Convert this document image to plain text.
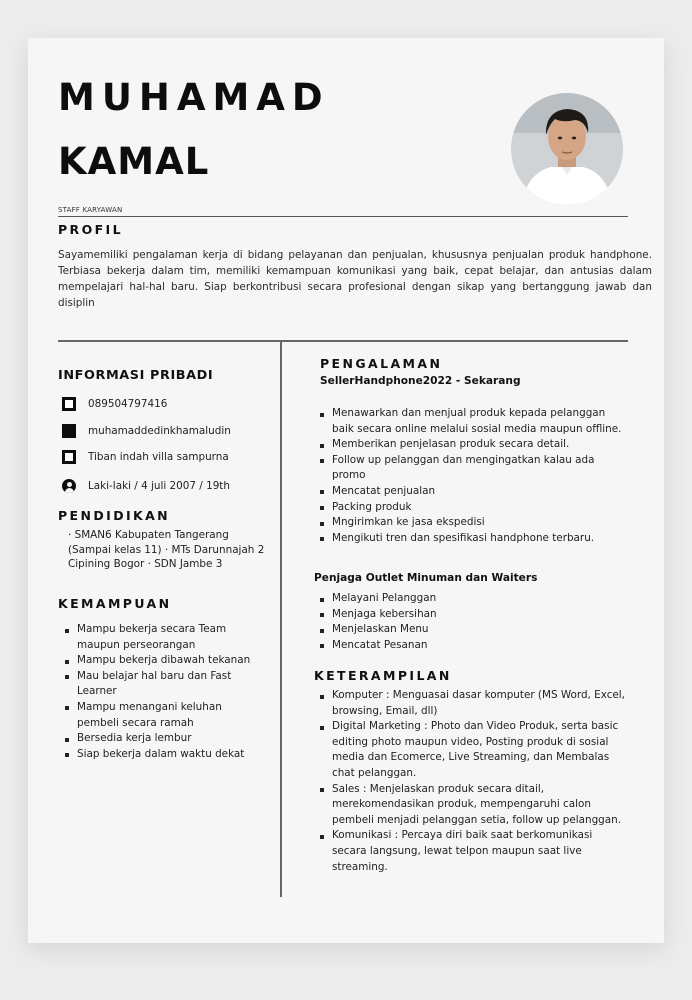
MUHAMAD
KAMAL
STAFF KARYAWAN
PROFIL
Sayamemiliki pengalaman kerja di bidang pelayanan dan penjualan, khususnya penjualan produk handphone. Terbiasa bekerja dalam tim, memiliki kemampuan komunikasi yang baik, cepat belajar, dan antusias dalam mempelajari hal-hal baru. Siap berkontribusi secara profesional dengan sikap yang bertanggung jawab dan disiplin
INFORMASI PRIBADI
089504797416
muhamaddedinkhamaludin
Tiban indah villa sampurna
Laki-laki / 4 juli 2007 / 19th
PENDIDIKAN
· SMAN6 Kabupaten Tangerang (Sampai kelas 11) · MTs Darunnajah 2 Cipining Bogor · SDN Jambe 3
KEMAMPUAN
Mampu bekerja secara Team maupun perseorangan
Mampu bekerja dibawah tekanan
Mau belajar hal baru dan Fast Learner
Mampu menangani keluhan pembeli secara ramah
Bersedia kerja lembur
Siap bekerja dalam waktu dekat
PENGALAMAN
SellerHandphone2022 - Sekarang
Menawarkan dan menjual produk kepada pelanggan baik secara online melalui sosial media maupun offline.
Memberikan penjelasan produk secara detail.
Follow up pelanggan dan mengingatkan kalau ada promo
Mencatat penjualan
Packing produk
Mngirimkan ke jasa ekspedisi
Mengikuti tren dan spesifikasi handphone terbaru.
Penjaga Outlet Minuman dan Waiters
Melayani Pelanggan
Menjaga kebersihan
Menjelaskan Menu
Mencatat Pesanan
KETERAMPILAN
Komputer : Menguasai dasar komputer (MS Word, Excel, browsing, Email, dll)
Digital Marketing : Photo dan Video Produk, serta basic editing photo maupun video, Posting produk di sosial media dan Ecomerce, Live Streaming, dan Membalas chat pelanggan.
Sales : Menjelaskan produk secara ditail, merekomendasikan produk, mempengaruhi calon pembeli menjadi pelanggan setia, follow up pelanggan.
Komunikasi : Percaya diri baik saat berkomunikasi secara langsung, lewat telpon maupun saat live streaming.
